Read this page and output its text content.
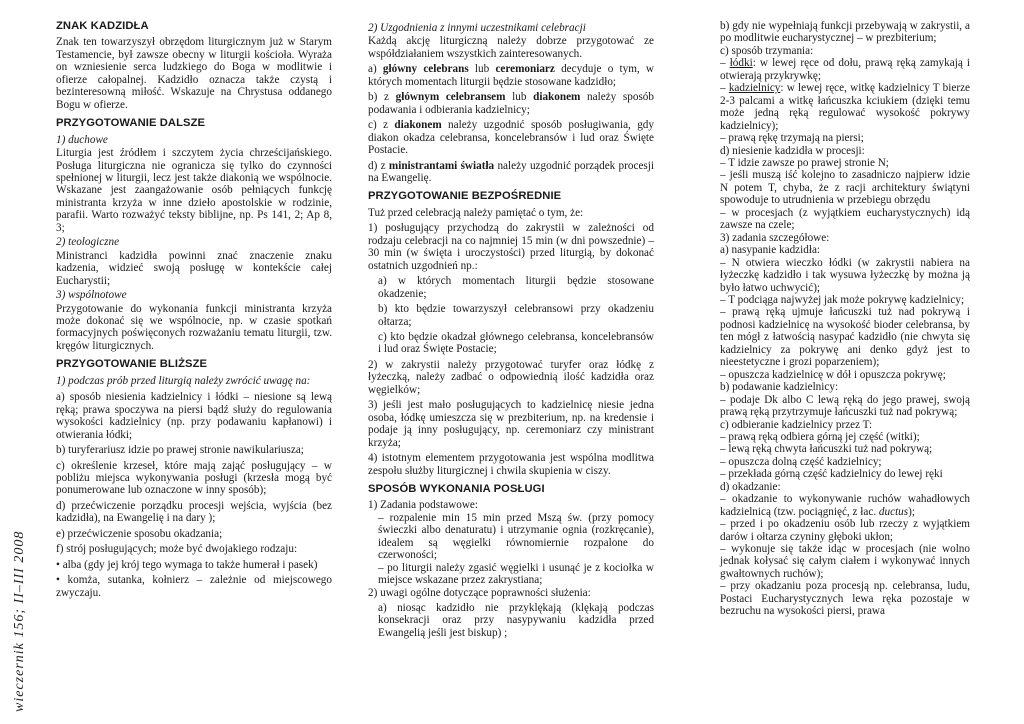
wieczernik 156; II–III 2008
ZNAK KADZIDŁA

Znak ten towarzyszył obrzędom liturgicznym już w Starym Testamencie, był zawsze obecny w liturgii kościoła. Wyraża on wzniesienie serca ludzkiego do Boga w modlitwie i ofierze całopalnej. Kadzidło oznacza także czystą i bezinteresowną miłość. Wskazuje na Chrystusa oddanego Bogu w ofierze.

PRZYGOTOWANIE DALSZE
1) duchowe

Liturgia jest źródłem i szczytem życia chrześcijańskiego. Posługa liturgiczna nie ogranicza się tylko do czynności spełnionej w liturgii, lecz jest także diakonią we wspólnocie. Wskazane jest zaangażowanie osób pełniących funkcję ministranta krzyża w inne dzieło apostolskie w rodzinie, parafii. Warto rozważyć teksty biblijne, np. Ps 141, 2; Ap 8, 3;

2) teologiczne

Ministranci kadzidła powinni znać znaczenie znaku kadzenia, widzieć swoją posługę w kontekście całej Eucharystii;

3) wspólnotowe

Przygotowanie do wykonania funkcji ministranta krzyża może dokonać się we wspólnocie, np. w czasie spotkań formacyjnych poświęconych rozważaniu tematu liturgii, tzw. kręgów liturgicznych.

PRZYGOTOWANIE BLIŻSZE
1) podczas prób przed liturgią należy zwrócić uwagę na:

a) sposób niesienia kadzielnicy i łódki – niesione są lewą ręką; prawa spoczywa na piersi bądź służy do regulowania wysokości kadzielnicy (np. przy podawaniu kapłanowi) i otwierania łódki;

b) turyferariusz idzie po prawej stronie nawikulariusza;

c) określenie krzeseł, które mają zająć posługujący – w pobliżu miejsca wykonywania posługi (krzesła mogą być ponumerowane lub oznaczone w inny sposób);

d) przećwiczenie porządku procesji wejścia, wyjścia (bez kadzidła), na Ewangelię i na dary );

e) przećwiczenie sposobu okadzania;

f) strój posługujących; może być dwojakiego rodzaju:

• alba (gdy jej krój tego wymaga to także humerał i pasek)

• komża, sutanka, kołnierz – zależnie od miejscowego zwyczaju.

2) Uzgodnienia z innymi uczestnikami celebracji

Każdą akcję liturgiczną należy dobrze przygotować ze współdziałaniem wszystkich zainteresowanych.

a) główny celebrans lub ceremoniarz decyduje o tym, w których momentach liturgii będzie stosowane kadzidło;

b) z głównym celebransem lub diakonem należy sposób podawania i odbierania kadzielnicy;

c) z diakonem należy uzgodnić sposób posługiwania, gdy diakon okadza celebransa, koncelebransów i lud oraz Święte Postacie.

d) z ministrantami światła należy uzgodnić porządek procesji na Ewangelię.

PRZYGOTOWANIE BEZPOŚREDNIE

Tuż przed celebracją należy pamiętać o tym, że:

1) posługujący przychodzą do zakrystii w zależności od rodzaju celebracji na co najmniej 15 min (w dni powszednie) – 30 min (w święta i uroczystości) przed liturgią, by dokonać ostatnich uzgodnień np.:

a) w których momentach liturgii będzie stosowane okadzenie;

b) kto będzie towarzyszył celebransowi przy okadzeniu ołtarza;

c) kto będzie okadzał głównego celebransa, koncelebransów i lud oraz Święte Postacie;

2) w zakrystii należy przygotować turyfer oraz łódkę z łyżeczką, należy zadbać o odpowiednią ilość kadzidła oraz węgielków;

3) jeśli jest mało posługujących to kadzielnicę niesie jedna osoba, łódkę umieszcza się w prezbiterium, np. na kredensie i podaje ją inny posługujący, np. ceremoniarz czy ministrant krzyża;

4) istotnym elementem przygotowania jest wspólna modlitwa zespołu służby liturgicznej i chwila skupienia w ciszy.

SPOSÓB WYKONANIA POSŁUGI

1) Zadania podstawowe:

– rozpalenie min 15 min przed Mszą św. (przy pomocy świeczki albo denaturatu) i utrzymanie ognia (rozkręcanie), idealem są węgielki równomiernie rozpalone do czerwoności;

– po liturgii należy zgasić węgielki i usunąć je z kociołka w miejsce wskazane przez zakrystiana;

2) uwagi ogólne dotyczące poprawności służenia:

a) niosąc kadzidło nie przyklękają (klękają podczas konsekracji oraz przy nasypywaniu kadzidła przed Ewangelią jeśli jest biskup) ;

b) gdy nie wypełniają funkcji przebywają w zakrystii, a po modlitwie eucharystycznej – w prezbiterium;

c) sposób trzymania:

– łódki: w lewej ręce od dołu, prawą ręką zamykają i otwierają przykrywkę;

– kadzielnicy: w lewej ręce, witkę kadzielnicy T bierze 2-3 palcami a witkę łańcuszka kciukiem (dzięki temu może jedną ręką regulować wysokość pokrywy kadzielnicy);

– prawą rękę trzymają na piersi;

d) niesienie kadzidła w procesji:

– T idzie zawsze po prawej stronie N;

– jeśli muszą iść kolejno to zasadniczo najpierw idzie N potem T, chyba, że z racji architektury świątyni spowoduje to utrudnienia w przebiegu obrzędu

– w procesjach (z wyjątkiem eucharystycznych) idą zawsze na czele;

3) zadania szczegółowe:

a) nasypanie kadzidła:

– N otwiera wieczko łódki (w zakrystii nabiera na łyżeczkę kadzidło i tak wysuwa łyżeczkę by można ją było łatwo uchwycić);

– T podciąga najwyżej jak może pokrywę kadzielnicy;

– prawą ręką ujmuje łańcuszki tuż nad pokrywą i podnosi kadzielnicę na wysokość bioder celebransa, by ten mógł z łatwością nasypać kadzidło (nie chwyta się kadzielnicy za pokrywę ani denko gdyż jest to nieestetyczne i grozi poparzeniem);

– opuszcza kadzielnicę w dół i opuszcza pokrywę;

b) podawanie kadzielnicy:

– podaje Dk albo C lewą ręką do jego prawej, swoją prawą ręką przytrzymuje łańcuszki tuż nad pokrywą;

c) odbieranie kadzielnicy przez T:

– prawą ręką odbiera górną jej część (witki);

– lewą ręką chwyta łańcuszki tuż nad pokrywą;

– opuszcza dolną część kadzielnicy;

– przekłada górną część kadzielnicy do lewej ręki

d) okadzanie:

– okadzanie to wykonywanie ruchów wahadłowych kadzielnicą (tzw. pociągnięć, z łac. ductus);

– przed i po okadzeniu osób lub rzeczy z wyjątkiem darów i ołtarza czyniny głęboki ukłon;

– wykonuje się także idąc w procesjach (nie wolno jednak kołysać się całym ciałem i wykonywać innych gwałtownych ruchów);

– przy okadzaniu poza procesją np. celebransa, ludu, Postaci Eucharystycznych lewa ręka pozostaje w bezruchu na wysokości piersi, prawa
